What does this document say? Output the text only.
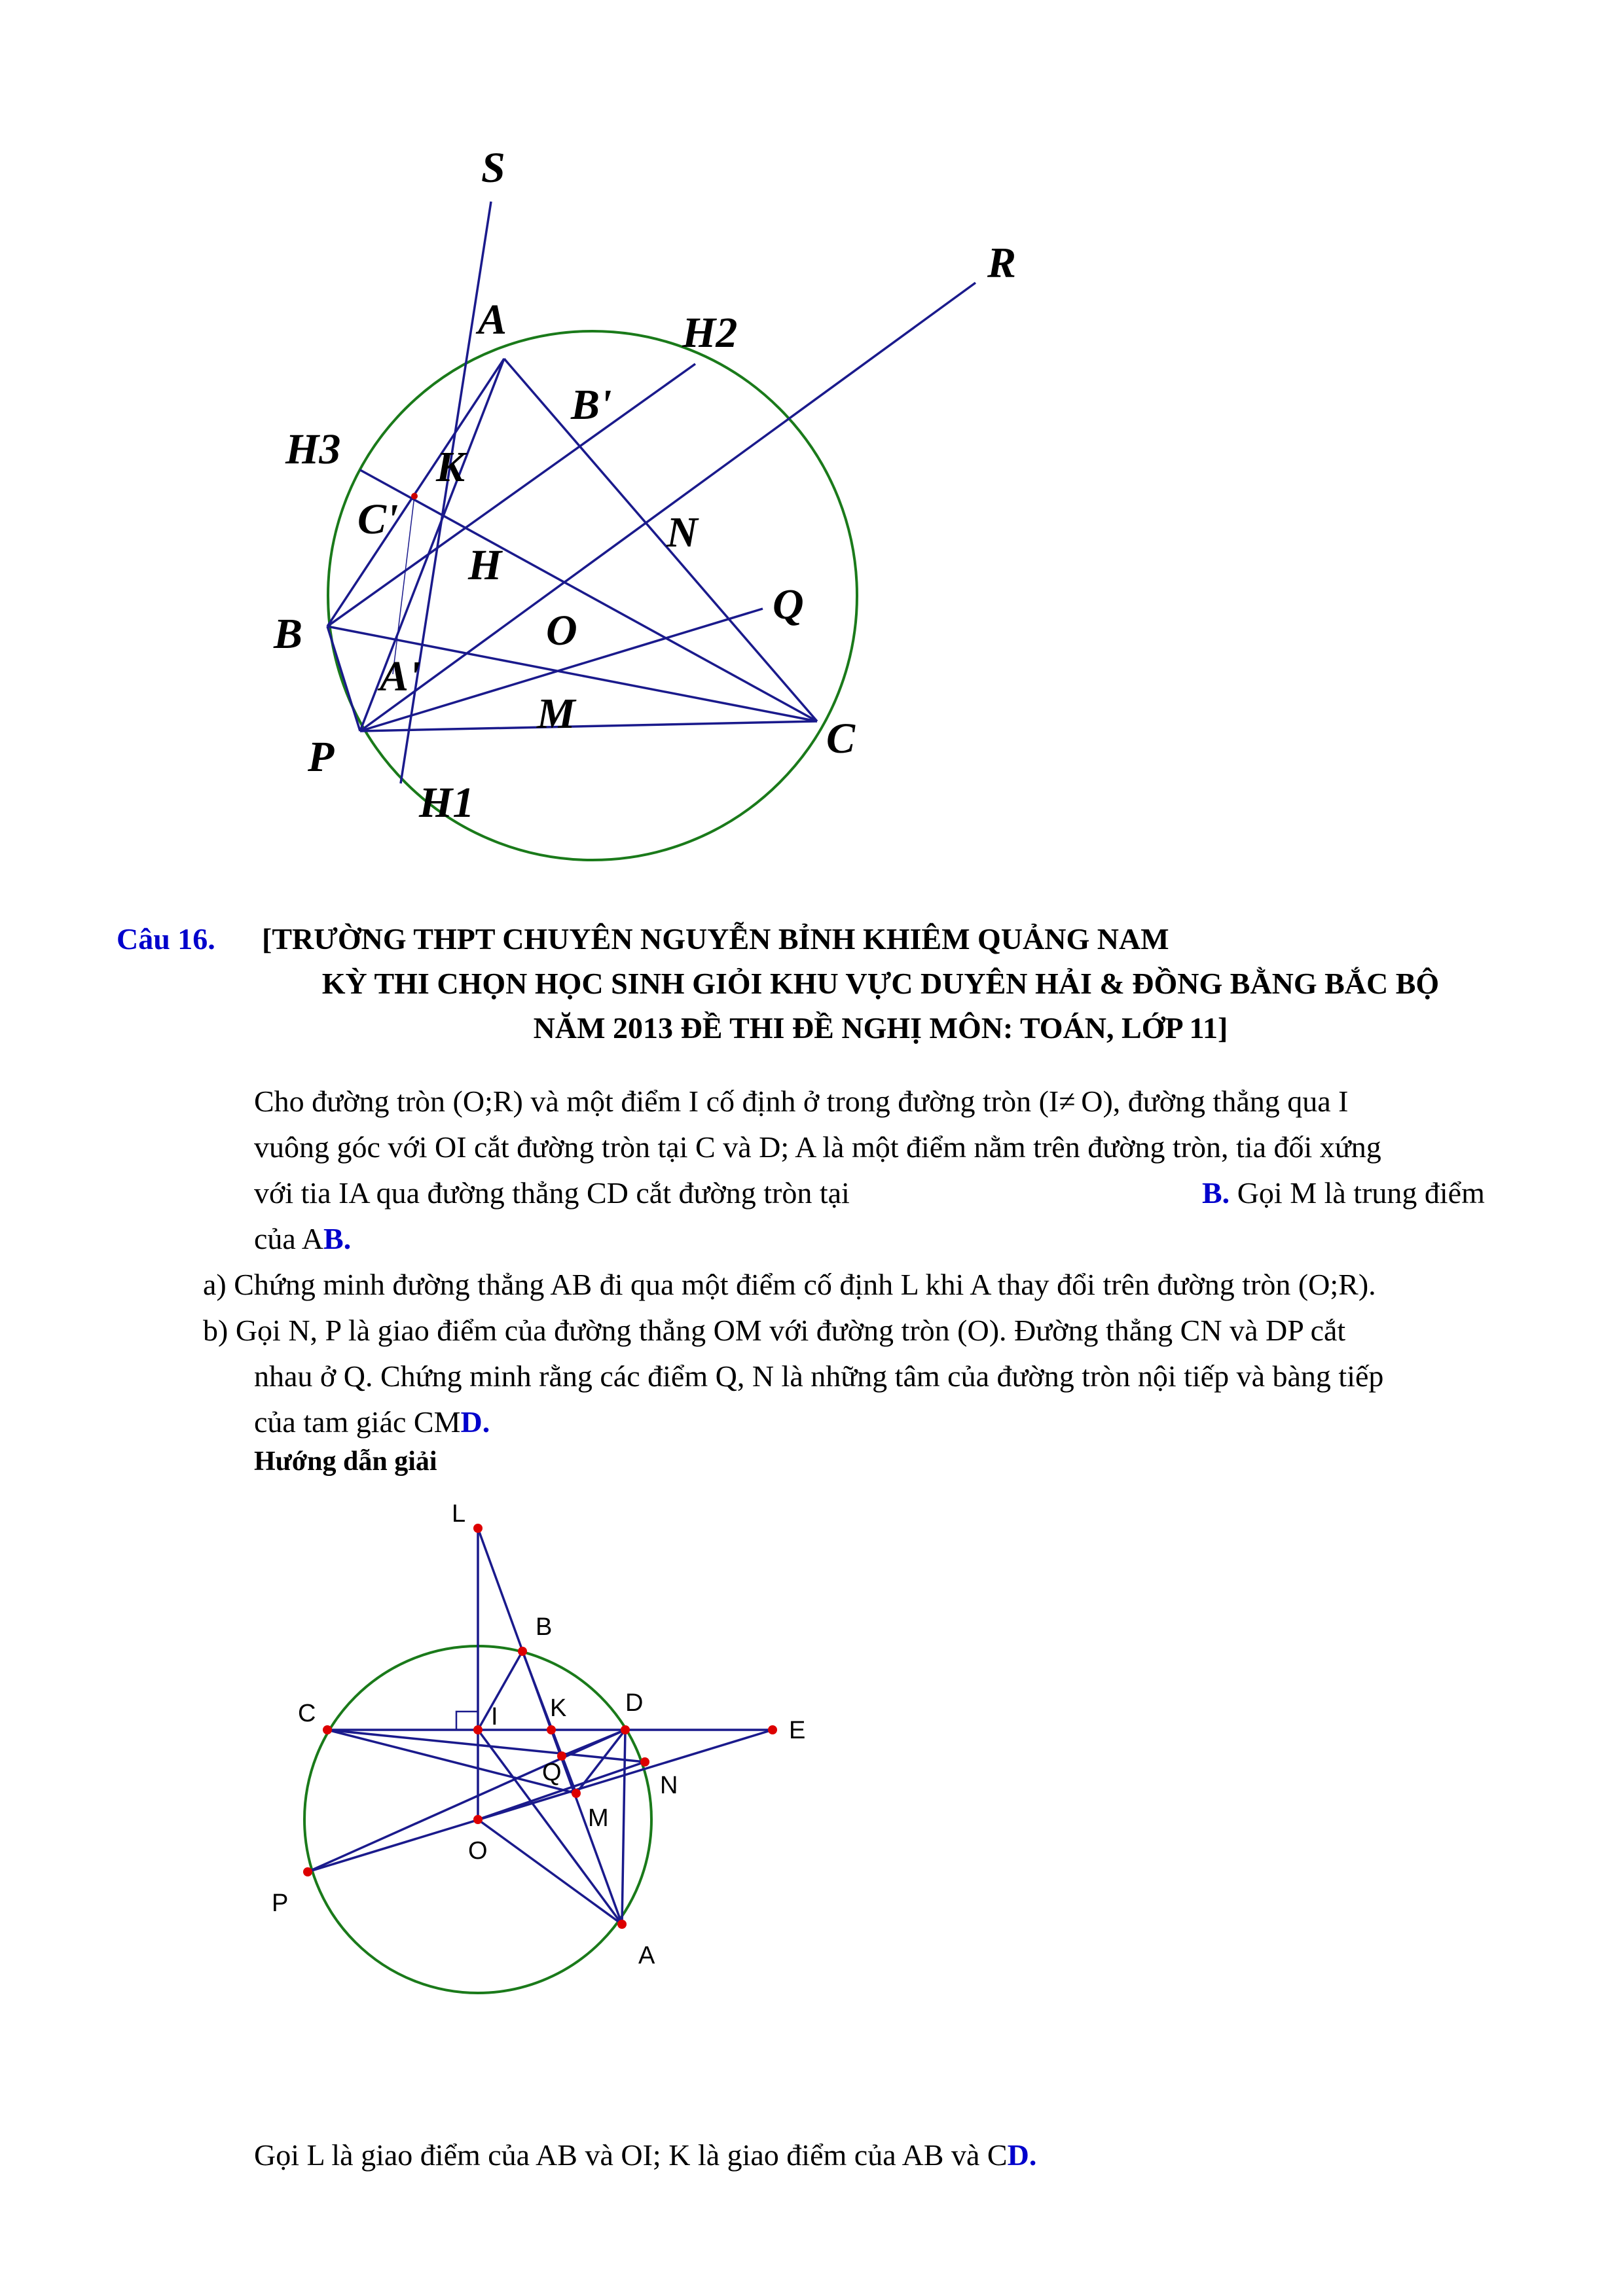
S
R
A	H2
B'
H3 K
C'	N
H
Q
B	O
A'
M
C
P
H1
Câu 16. [TRƯỜNG THPT CHUYÊN NGUYỄN BỈNH KHIÊM QUẢNG NAM
KỲ THI CHỌN HỌC SINH GIỎI KHU VỰC DUYÊN HẢI & ĐỒNG BẰNG BẮC BỘ
NĂM 2013 ĐỀ THI ĐỀ NGHỊ MÔN: TOÁN, LỚP 11]
Cho đường tròn (O;R) và một điểm I cố định ở trong đường tròn (I≠ O), đường thẳng qua I
vuông góc với OI cắt đường tròn tại C và D; A là một điểm nằm trên đường tròn, tia đối xứng
với tia IA qua đường thẳng CD cắt đường tròn tại	B. Gọi M là trung điểm
của AB.
a) Chứng minh đường thẳng AB đi qua một điểm cố định L khi A thay đổi trên đường tròn (O;R).
b) Gọi N, P là giao điểm của đường thẳng OM với đường tròn (O). Đường thẳng CN và DP cắt
nhau ở Q. Chứng minh rằng các điểm Q, N là những tâm của đường tròn nội tiếp và bàng tiếp
của tam giác CMD.
Hướng dẫn giải
L
B
C	I K D
E
Q	N
M
O
P
A
Gọi L là giao điểm của AB và OI; K là giao điểm của AB và CD.
